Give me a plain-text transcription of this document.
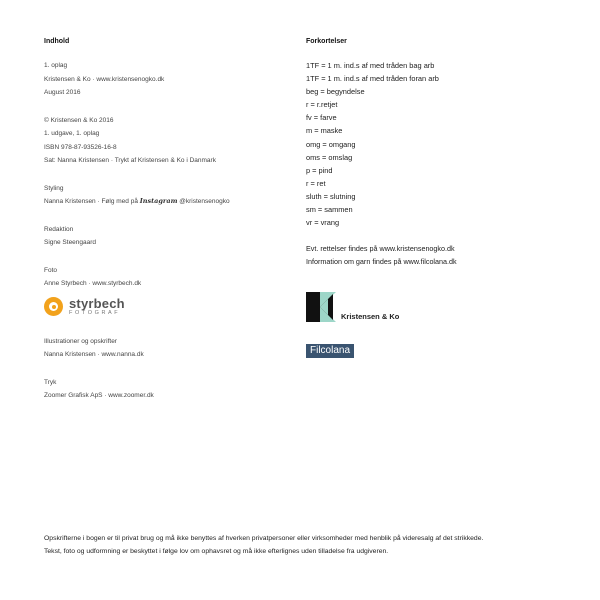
Indhold
1. oplag
Kristensen & Ko · www.kristensenogko.dk
August 2016
© Kristensen & Ko 2016
1. udgave, 1. oplag
ISBN 978-87-93526-16-8
Sat: Nanna Kristensen · Trykt af Kristensen & Ko i Danmark
Styling
Nanna Kristensen · Følg med på Instagram @kristensenogko
Redaktion
Signe Steengaard
Foto
Anne Styrbech · www.styrbech.dk
styrbech
FOTOGRAF
Illustrationer og opskrifter
Nanna Kristensen · www.nanna.dk
Tryk
Zoomer Grafisk ApS · www.zoomer.dk
Forkortelser
1TF = 1 m. ind.s af med tråden bag arb
1TF = 1 m. ind.s af med tråden foran arb
beg = begyndelse
r = r.retjet
fv = farve
m = maske
omg = omgang
oms = omslag
p = pind
r = ret
sluth = slutning
sm = sammen
vr = vrang
Evt. rettelser findes på www.kristensenogko.dk
Information om garn findes på www.filcolana.dk
Kristensen & Ko
Filcolana
Opskrifterne i bogen er til privat brug og må ikke benyttes af hverken privatpersoner eller virksomheder med henblik på videresalg af det strikkede.
Tekst, foto og udformning er beskyttet i følge lov om ophavsret og må ikke efterlignes uden tilladelse fra udgiveren.
